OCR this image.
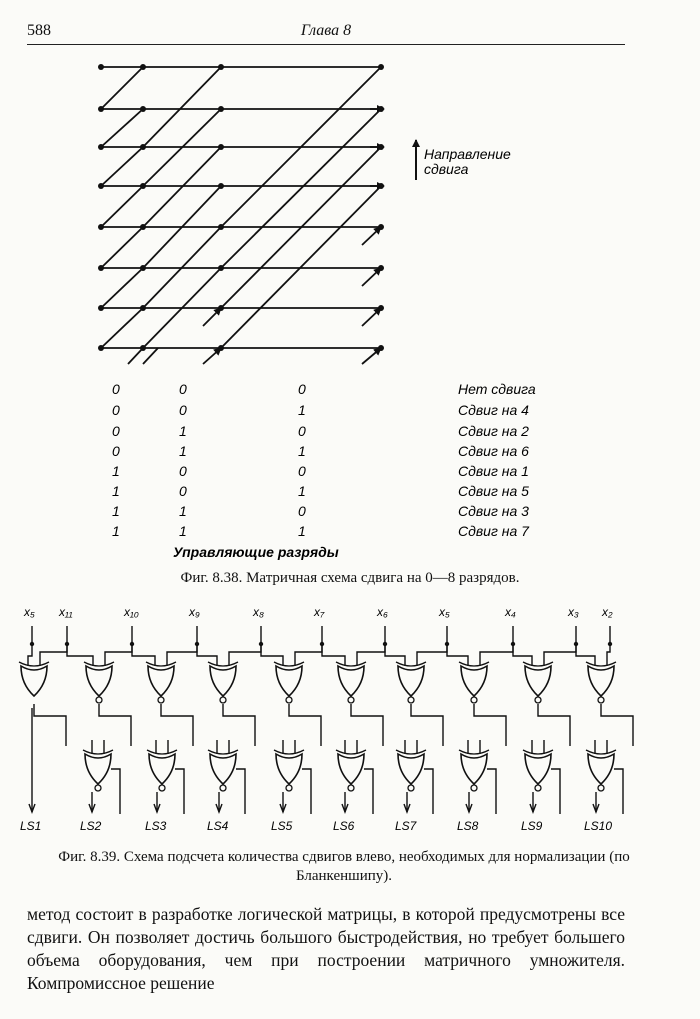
588	Глава 8
Направление
сдвига
0	0	0	Нет сдвига
0	0	1	Сдвиг на 4
0	1	0	Сдвиг на 2
0	1	1	Сдвиг на 6
1	0	0	Сдвиг на 1
1	0	1	Сдвиг на 5
1	1	0	Сдвиг на 3
1	1	1	Сдвиг на 7
Управляющие разряды
Фиг. 8.38. Матричная схема сдвига на 0—8 разрядов.
x₅ x₁₁	x₁₀	x₉	x₈	x₇	x₆	x₅	x₄	x₃ x₂
LS1	LS2	LS3	LS4	LS5	LS6	LS7	LS8	LS9	LS10
Фиг. 8.39. Схема подсчета количества сдвигов влево, необходимых для нормализации (по Бланкеншипу).
метод состоит в разработке логической матрицы, в которой предусмотрены все сдвиги. Он позволяет достичь большого быстродействия, но требует большего объема оборудования, чем при построении матричного умножителя. Компромиссное решение
